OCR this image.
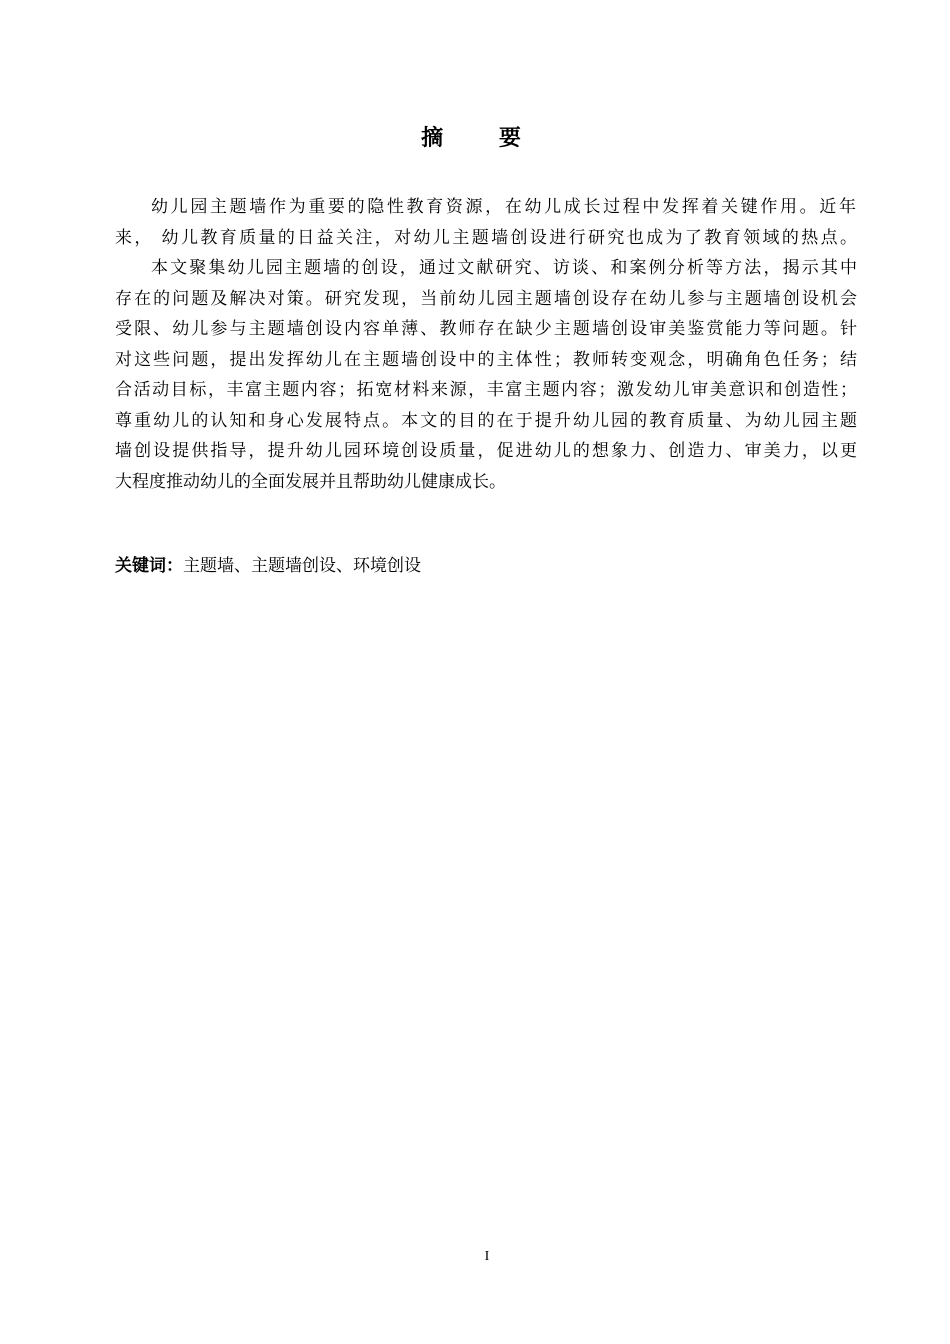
摘 要
幼儿园主题墙作为重要的隐性教育资源，在幼儿成长过程中发挥着关键作用。近年
来， 幼儿教育质量的日益关注，对幼儿主题墙创设进行研究也成为了教育领域的热点。
本文聚集幼儿园主题墙的创设，通过文献研究、访谈、和案例分析等方法，揭示其中
存在的问题及解决对策。研究发现，当前幼儿园主题墙创设存在幼儿参与主题墙创设机会
受限、幼儿参与主题墙创设内容单薄、教师存在缺少主题墙创设审美鉴赏能力等问题。针
对这些问题，提出发挥幼儿在主题墙创设中的主体性；教师转变观念，明确角色任务；结
合活动目标，丰富主题内容；拓宽材料来源，丰富主题内容；激发幼儿审美意识和创造性；
尊重幼儿的认知和身心发展特点。本文的目的在于提升幼儿园的教育质量、为幼儿园主题
墙创设提供指导，提升幼儿园环境创设质量，促进幼儿的想象力、创造力、审美力，以更
大程度推动幼儿的全面发展并且帮助幼儿健康成长。
关键词：主题墙、主题墙创设、环境创设
I
